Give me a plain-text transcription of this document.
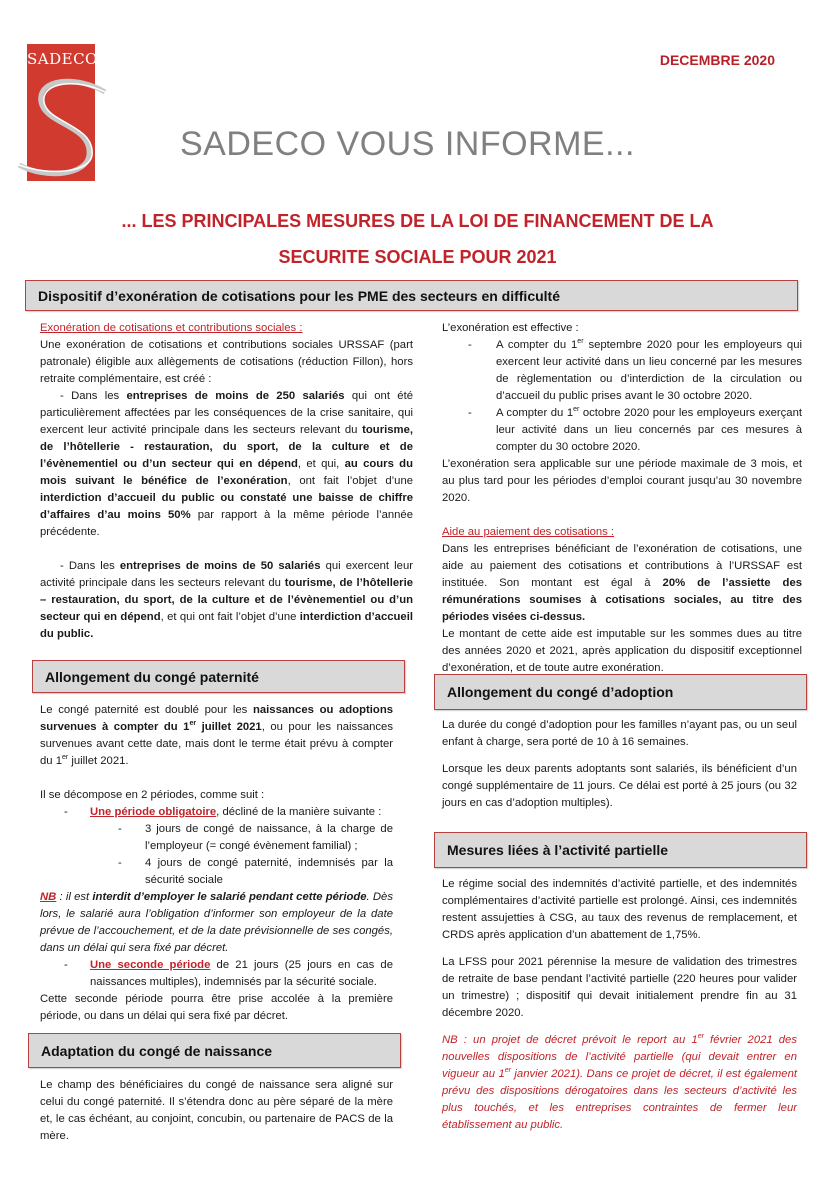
SADECO	DECEMBRE 2020
SADECO VOUS INFORME...
... LES PRINCIPALES MESURES DE LA LOI DE FINANCEMENT DE LA
SECURITE SOCIALE POUR 2021
Dispositif d’exonération de cotisations pour les PME des secteurs en difficulté

Exonération de cotisations et contributions sociales :

Une exonération de cotisations et contributions sociales URSSAF (part patronale) éligible aux allègements de cotisations (réduction Fillon), hors retraite complémentaire, est créé :

- Dans les entreprises de moins de 250 salariés qui ont été particulièrement affectées par les conséquences de la crise sanitaire, qui exercent leur activité principale dans les secteurs relevant du tourisme, de l’hôtellerie - restauration, du sport, de la culture et de l’évènementiel ou d’un secteur qui en dépend, et qui, au cours du mois suivant le bénéfice de l’exonération, ont fait l’objet d’une interdiction d’accueil du public ou constaté une baisse de chiffre d’affaires d’au moins 50% par rapport à la même période l’année précédente.

- Dans les entreprises de moins de 50 salariés qui exercent leur activité principale dans les secteurs relevant du tourisme, de l’hôtellerie – restauration, du sport, de la culture et de l’évènementiel ou d’un secteur qui en dépend, et qui ont fait l’objet d’une interdiction d’accueil du public.

L’exonération est effective :

-	A compter du 1er septembre 2020 pour les employeurs qui exercent leur activité dans un lieu concerné par les mesures de règlementation ou d’interdiction de la circulation ou d’accueil du public prises avant le 30 octobre 2020.

-	A compter du 1er octobre 2020 pour les employeurs exerçant leur activité dans un lieu concernés par ces mesures à compter du 30 octobre 2020.

L’exonération sera applicable sur une période maximale de 3 mois, et au plus tard pour les périodes d’emploi courant jusqu’au 30 novembre 2020.

Aide au paiement des cotisations :

Dans les entreprises bénéficiant de l’exonération de cotisations, une aide au paiement des cotisations et contributions à l’URSSAF est instituée. Son montant est égal à 20% de l’assiette des rémunérations soumises à cotisations sociales, au titre des périodes visées ci-dessus.

Le montant de cette aide est imputable sur les sommes dues au titre des années 2020 et 2021, après application du dispositif exceptionnel d’exonération, et de toute autre exonération.

Allongement du congé paternité

Le congé paternité est doublé pour les naissances ou adoptions survenues à compter du 1er juillet 2021, ou pour les naissances survenues avant cette date, mais dont le terme était prévu à compter du 1er juillet 2021.

Il se décompose en 2 périodes, comme suit :

-	Une période obligatoire, décliné de la manière suivante :

-	3 jours de congé de naissance, à la charge de l’employeur (= congé évènement familial) ;

-	4 jours de congé paternité, indemnisés par la sécurité sociale

NB : il est interdit d’employer le salarié pendant cette période. Dès lors, le salarié aura l’obligation d’informer son employeur de la date prévue de l’accouchement, et de la date prévisionnelle de ses congés, dans un délai qui sera fixé par décret.

-	Une seconde période de 21 jours (25 jours en cas de naissances multiples), indemnisés par la sécurité sociale.

Cette seconde période pourra être prise accolée à la première période, ou dans un délai qui sera fixé par décret.

Adaptation du congé de naissance

Le champ des bénéficiaires du congé de naissance sera aligné sur celui du congé paternité. Il s’étendra donc au père séparé de la mère et, le cas échéant, au conjoint, concubin, ou partenaire de PACS de la mère.

Allongement du congé d’adoption

La durée du congé d’adoption pour les familles n’ayant pas, ou un seul enfant à charge, sera porté de 10 à 16 semaines.

Lorsque les deux parents adoptants sont salariés, ils bénéficient d’un congé supplémentaire de 11 jours. Ce délai est porté à 25 jours (ou 32 jours en cas d’adoption multiples).

Mesures liées à l’activité partielle

Le régime social des indemnités d’activité partielle, et des indemnités complémentaires d’activité partielle est prolongé. Ainsi, ces indemnités restent assujetties à CSG, au taux des revenus de remplacement, et CRDS après application d’un abattement de 1,75%.

La LFSS pour 2021 pérennise la mesure de validation des trimestres de retraite de base pendant l’activité partielle (220 heures pour valider un trimestre) ; dispositif qui devait initialement prendre fin au 31 décembre 2020.

NB : un projet de décret prévoit le report au 1er février 2021 des nouvelles dispositions de l’activité partielle (qui devait entrer en vigueur au 1er janvier 2021). Dans ce projet de décret, il est également prévu des dispositions dérogatoires dans les secteurs d’activité les plus touchés, et les entreprises contraintes de fermer leur établissement au public.
